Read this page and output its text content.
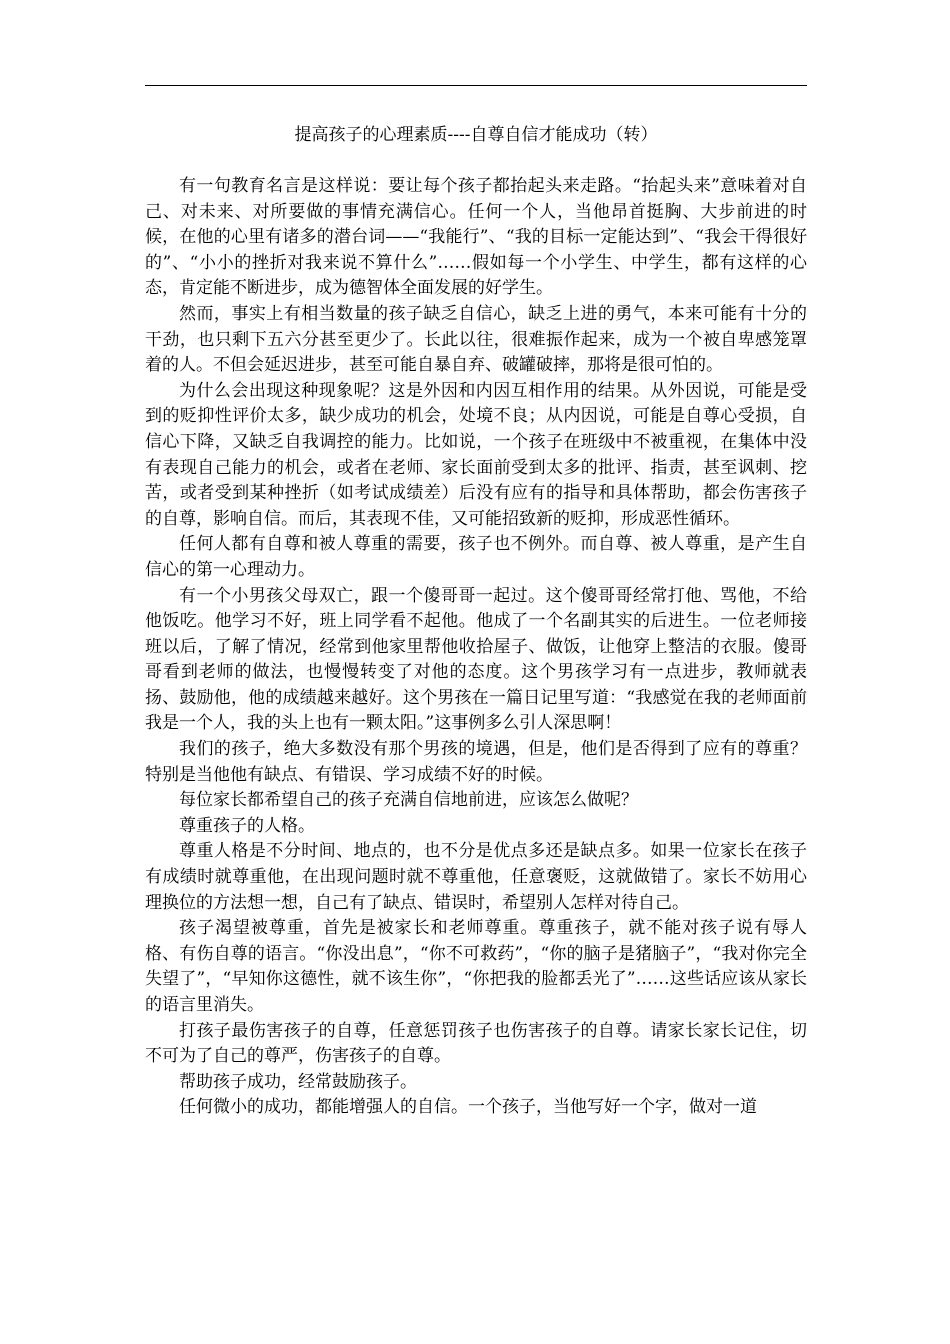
提高孩子的心理素质----自尊自信才能成功（转）

有一句教育名言是这样说：要让每个孩子都抬起头来走路。“抬起头来”意味着对自己、对未来、对所要做的事情充满信心。任何一个人，当他昂首挺胸、大步前进的时候，在他的心里有诸多的潜台词——“我能行”、“我的目标一定能达到”、“我会干得很好的”、“小小的挫折对我来说不算什么”……假如每一个小学生、中学生，都有这样的心态，肯定能不断进步，成为德智体全面发展的好学生。

然而，事实上有相当数量的孩子缺乏自信心，缺乏上进的勇气，本来可能有十分的干劲，也只剩下五六分甚至更少了。长此以往，很难振作起来，成为一个被自卑感笼罩着的人。不但会延迟进步，甚至可能自暴自弃、破罐破摔，那将是很可怕的。

为什么会出现这种现象呢？这是外因和内因互相作用的结果。从外因说，可能是受到的贬抑性评价太多，缺少成功的机会，处境不良；从内因说，可能是自尊心受损，自信心下降，又缺乏自我调控的能力。比如说，一个孩子在班级中不被重视，在集体中没有表现自己能力的机会，或者在老师、家长面前受到太多的批评、指责，甚至讽刺、挖苦，或者受到某种挫折（如考试成绩差）后没有应有的指导和具体帮助，都会伤害孩子的自尊，影响自信。而后，其表现不佳，又可能招致新的贬抑，形成恶性循环。

任何人都有自尊和被人尊重的需要，孩子也不例外。而自尊、被人尊重，是产生自信心的第一心理动力。

有一个小男孩父母双亡，跟一个傻哥哥一起过。这个傻哥哥经常打他、骂他，不给他饭吃。他学习不好，班上同学看不起他。他成了一个名副其实的后进生。一位老师接班以后，了解了情况，经常到他家里帮他收拾屋子、做饭，让他穿上整洁的衣服。傻哥哥看到老师的做法，也慢慢转变了对他的态度。这个男孩学习有一点进步，教师就表扬、鼓励他，他的成绩越来越好。这个男孩在一篇日记里写道：“我感觉在我的老师面前我是一个人，我的头上也有一颗太阳。”这事例多么引人深思啊！

我们的孩子，绝大多数没有那个男孩的境遇，但是，他们是否得到了应有的尊重？特别是当他他有缺点、有错误、学习成绩不好的时候。

每位家长都希望自己的孩子充满自信地前进，应该怎么做呢？

尊重孩子的人格。

尊重人格是不分时间、地点的，也不分是优点多还是缺点多。如果一位家长在孩子有成绩时就尊重他，在出现问题时就不尊重他，任意褒贬，这就做错了。家长不妨用心理换位的方法想一想，自己有了缺点、错误时，希望别人怎样对待自己。

孩子渴望被尊重，首先是被家长和老师尊重。尊重孩子，就不能对孩子说有辱人格、有伤自尊的语言。“你没出息”，“你不可救药”，“你的脑子是猪脑子”，“我对你完全失望了”，“早知你这德性，就不该生你”，“你把我的脸都丢光了”……这些话应该从家长的语言里消失。

打孩子最伤害孩子的自尊，任意惩罚孩子也伤害孩子的自尊。请家长家长记住，切不可为了自己的尊严，伤害孩子的自尊。

帮助孩子成功，经常鼓励孩子。

任何微小的成功，都能增强人的自信。一个孩子，当他写好一个字，做对一道
